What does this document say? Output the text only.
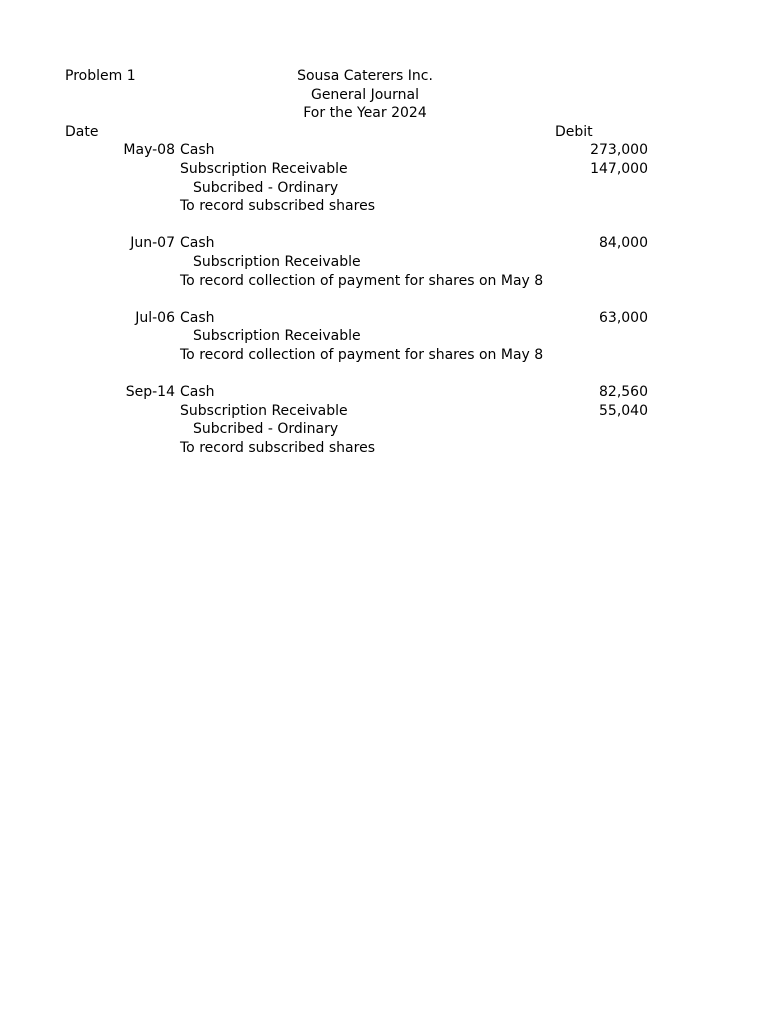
Problem 1	Sousa Caterers Inc.
General Journal
For the Year 2024
Date	Debit
May-08 Cash	273,000
Subscription Receivable	147,000
Subcribed - Ordinary
To record subscribed shares
Jun-07 Cash	84,000
Subscription Receivable
To record collection of payment for shares on May 8
Jul-06 Cash	63,000
Subscription Receivable
To record collection of payment for shares on May 8
Sep-14 Cash	82,560
Subscription Receivable	55,040
Subcribed - Ordinary
To record subscribed shares
